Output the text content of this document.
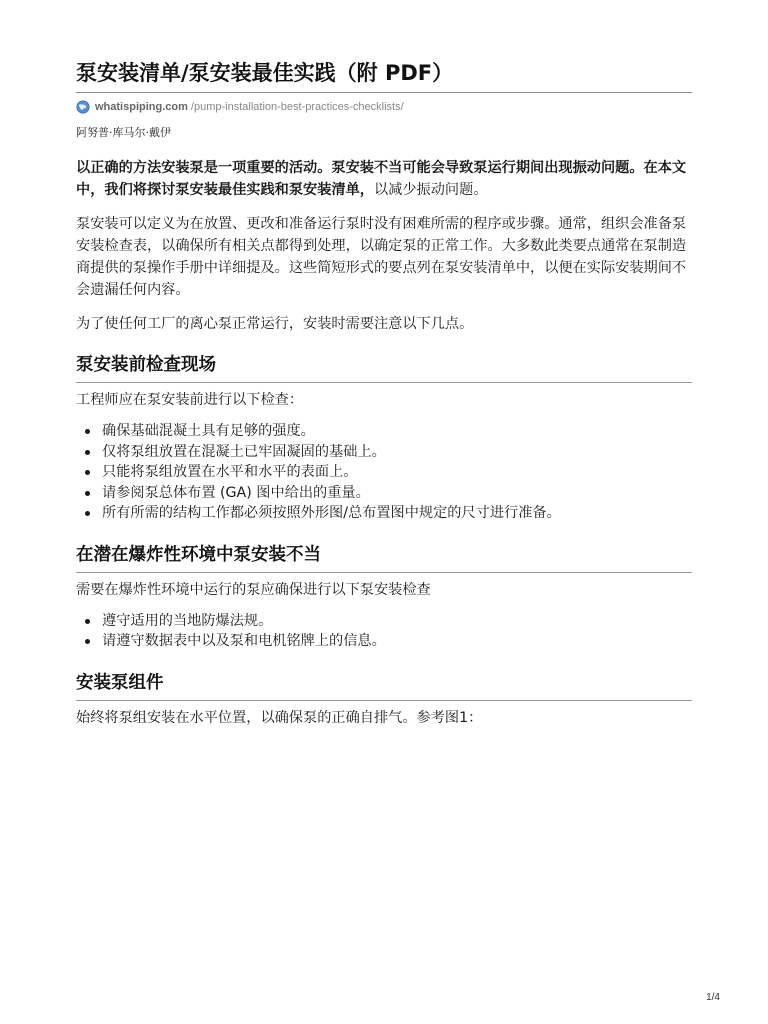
泵安装清单/泵安装最佳实践（附 PDF）
whatispiping.com /pump-installation-best-practices-checklists/
阿努普·库马尔·戴伊

以正确的方法安装泵是一项重要的活动。泵安装不当可能会导致泵运行期间出现振动问题。在本文中，我们将探讨泵安装最佳实践和泵安装清单，以减少振动问题。

泵安装可以定义为在放置、更改和准备运行泵时没有困难所需的程序或步骤。通常，组织会准备泵安装检查表，以确保所有相关点都得到处理，以确定泵的正常工作。大多数此类要点通常在泵制造商提供的泵操作手册中详细提及。这些简短形式的要点列在泵安装清单中，以便在实际安装期间不会遗漏任何内容。

为了使任何工厂的离心泵正常运行，安装时需要注意以下几点。

泵安装前检查现场

工程师应在泵安装前进行以下检查：

确保基础混凝土具有足够的强度。
仅将泵组放置在混凝土已牢固凝固的基础上。
只能将泵组放置在水平和水平的表面上。
请参阅泵总体布置 (GA) 图中给出的重量。
所有所需的结构工作都必须按照外形图/总布置图中规定的尺寸进行准备。
在潜在爆炸性环境中泵安装不当

需要在爆炸性环境中运行的泵应确保进行以下泵安装检查

遵守适用的当地防爆法规。
请遵守数据表中以及泵和电机铭牌上的信息。
安装泵组件

始终将泵组安装在水平位置，以确保泵的正确自排气。参考图1：

1/4
